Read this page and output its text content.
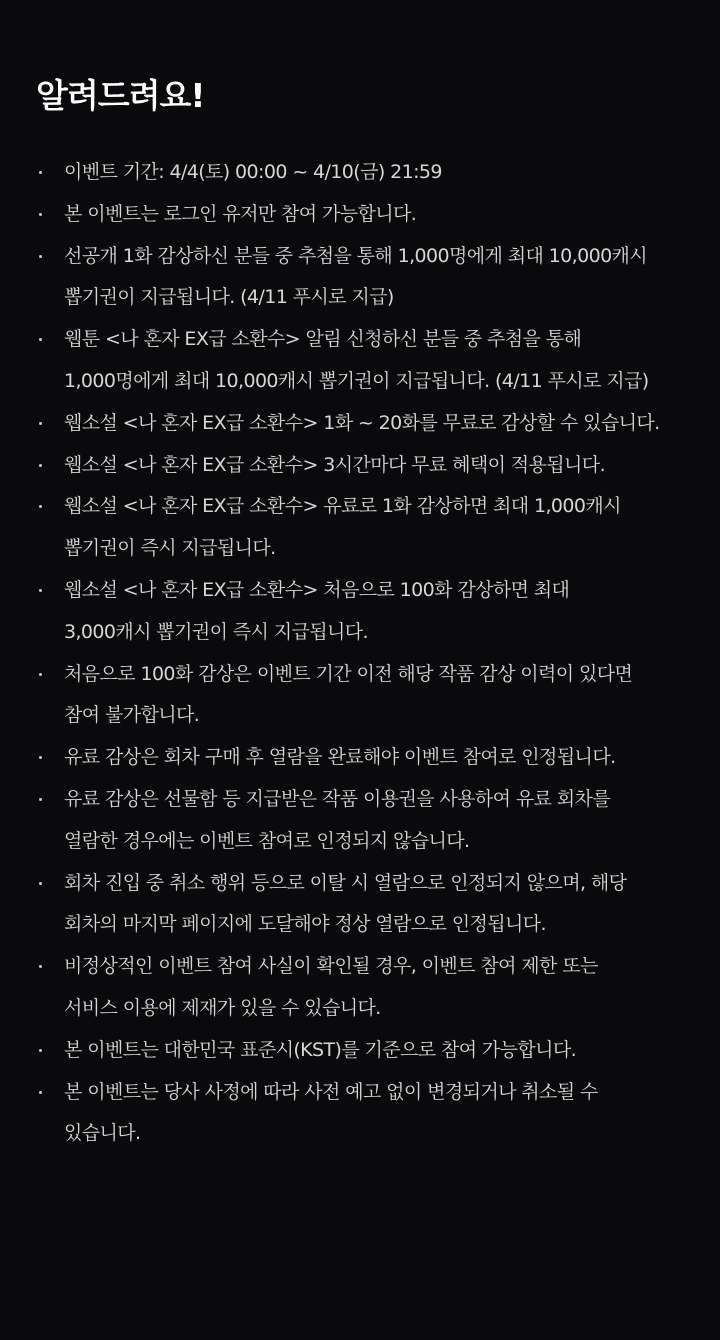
알려드려요!
이벤트 기간: 4/4(토) 00:00 ~ 4/10(금) 21:59
본 이벤트는 로그인 유저만 참여 가능합니다.
선공개 1화 감상하신 분들 중 추첨을 통해 1,000명에게 최대 10,000캐시
뽑기권이 지급됩니다. (4/11 푸시로 지급)
웹툰 <나 혼자 EX급 소환수> 알림 신청하신 분들 중 추첨을 통해
1,000명에게 최대 10,000캐시 뽑기권이 지급됩니다. (4/11 푸시로 지급)
웹소설 <나 혼자 EX급 소환수> 1화 ~ 20화를 무료로 감상할 수 있습니다.
웹소설 <나 혼자 EX급 소환수> 3시간마다 무료 혜택이 적용됩니다.
웹소설 <나 혼자 EX급 소환수> 유료로 1화 감상하면 최대 1,000캐시
뽑기권이 즉시 지급됩니다.
웹소설 <나 혼자 EX급 소환수> 처음으로 100화 감상하면 최대
3,000캐시 뽑기권이 즉시 지급됩니다.
처음으로 100화 감상은 이벤트 기간 이전 해당 작품 감상 이력이 있다면
참여 불가합니다.
유료 감상은 회차 구매 후 열람을 완료해야 이벤트 참여로 인정됩니다.
유료 감상은 선물함 등 지급받은 작품 이용권을 사용하여 유료 회차를
열람한 경우에는 이벤트 참여로 인정되지 않습니다.
회차 진입 중 취소 행위 등으로 이탈 시 열람으로 인정되지 않으며, 해당
회차의 마지막 페이지에 도달해야 정상 열람으로 인정됩니다.
비정상적인 이벤트 참여 사실이 확인될 경우, 이벤트 참여 제한 또는
서비스 이용에 제재가 있을 수 있습니다.
본 이벤트는 대한민국 표준시(KST)를 기준으로 참여 가능합니다.
본 이벤트는 당사 사정에 따라 사전 예고 없이 변경되거나 취소될 수
있습니다.
